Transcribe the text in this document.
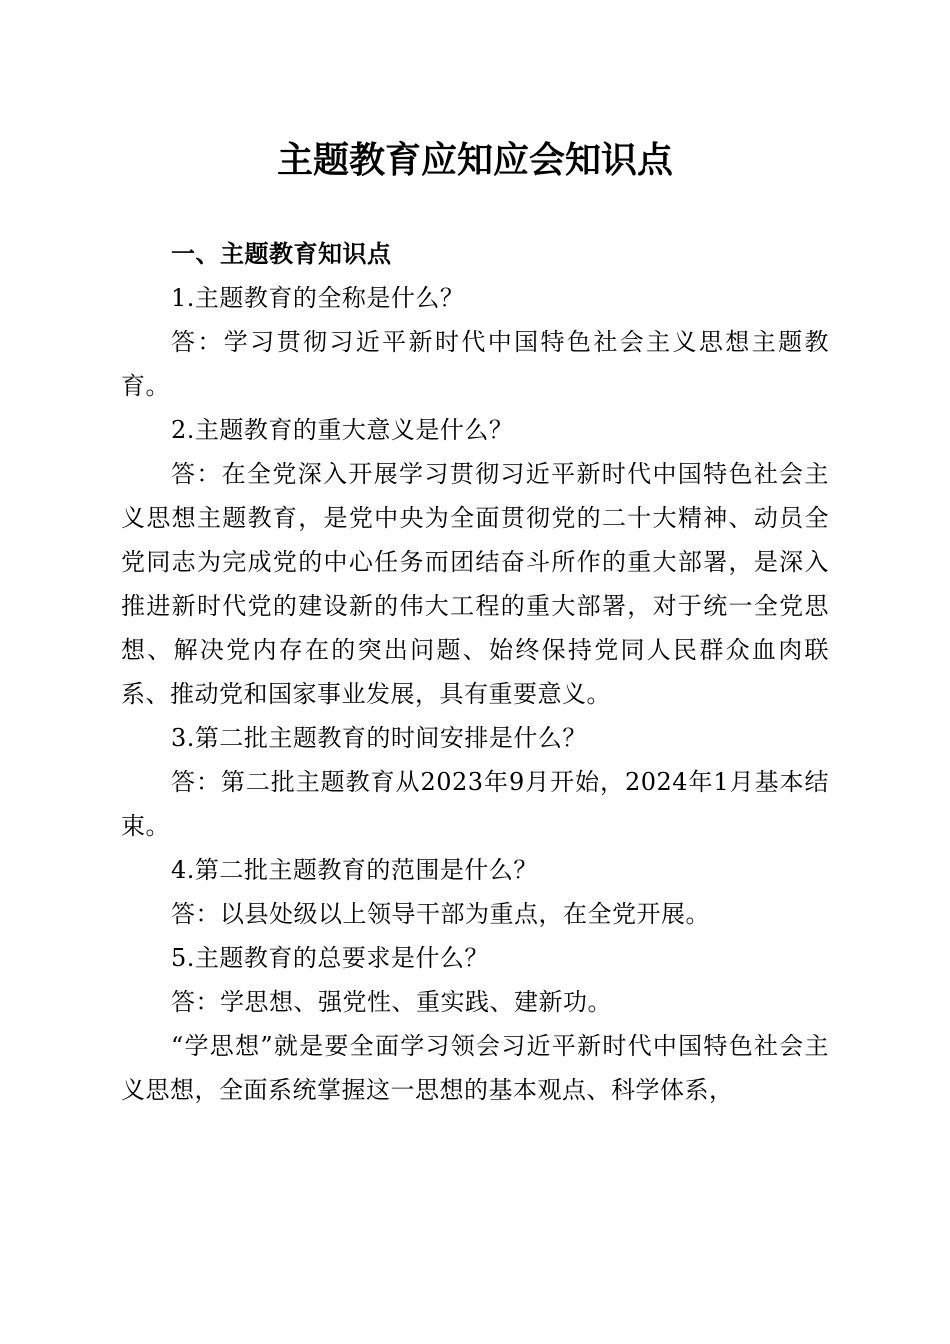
主题教育应知应会知识点

一、主题教育知识点

1.主题教育的全称是什么？

答：学习贯彻习近平新时代中国特色社会主义思想主题教育。

2.主题教育的重大意义是什么？

答：在全党深入开展学习贯彻习近平新时代中国特色社会主义思想主题教育，是党中央为全面贯彻党的二十大精神、动员全党同志为完成党的中心任务而团结奋斗所作的重大部署，是深入推进新时代党的建设新的伟大工程的重大部署，对于统一全党思想、解决党内存在的突出问题、始终保持党同人民群众血肉联系、推动党和国家事业发展，具有重要意义。

3.第二批主题教育的时间安排是什么？

答：第二批主题教育从2023年9月开始，2024年1月基本结束。

4.第二批主题教育的范围是什么？

答：以县处级以上领导干部为重点，在全党开展。

5.主题教育的总要求是什么？

答：学思想、强党性、重实践、建新功。

“学思想”就是要全面学习领会习近平新时代中国特色社会主义思想，全面系统掌握这一思想的基本观点、科学体系，
